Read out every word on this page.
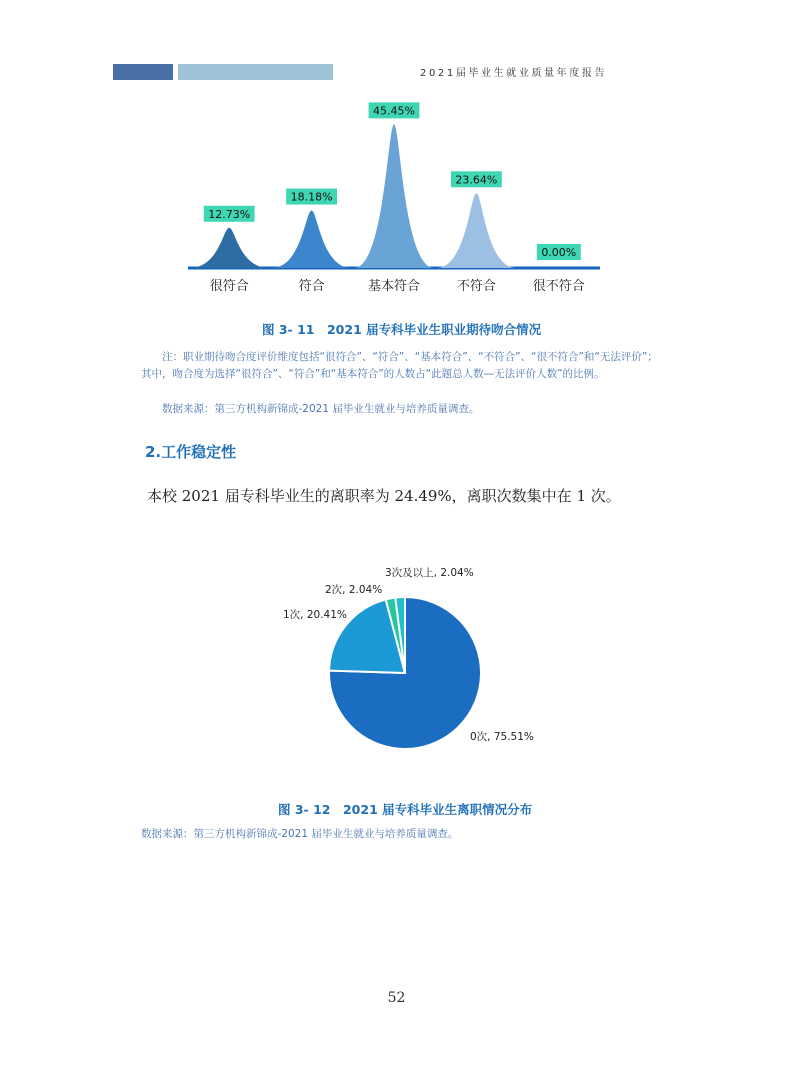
2021届毕业生就业质量年度报告
12.73%
很符合
18.18%
符合
45.45%
基本符合
23.64%
不符合
0.00%
很不符合
图 3- 11　2021 届专科毕业生职业期待吻合情况
注：职业期待吻合度评价维度包括“很符合”、“符合”、“基本符合”、“不符合”、“很不符合”和“无法评价”；其中，吻合度为选择“很符合”、“符合”和“基本符合”的人数占“此题总人数—无法评价人数”的比例。
数据来源：第三方机构新锦成-2021 届毕业生就业与培养质量调查。
2.工作稳定性
本校 2021 届专科毕业生的离职率为 24.49%，离职次数集中在 1 次。
0次, 75.51%
1次, 20.41%
2次, 2.04%
3次及以上, 2.04%
图 3- 12　2021 届专科毕业生离职情况分布
数据来源：第三方机构新锦成-2021 届毕业生就业与培养质量调查。
52
